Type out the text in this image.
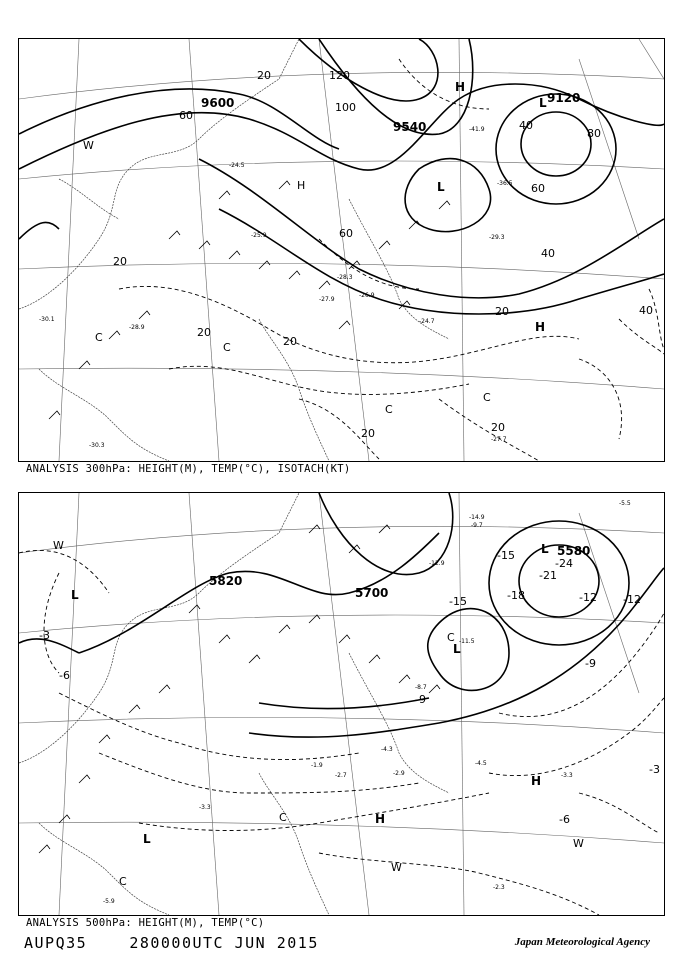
9600
9540
9120
20	120
100
60
40
80
60
40
20
20
20
20
40
60
20
20
-24.5
-25.9
-27.9
-30.1
-28.9
-36.5
-41.9
-27.7
-26.9
-24.7
-28.3
-29.3
-30.3
H
L
L
H
W
C
C
C
C
H
ANALYSIS 300hPa: HEIGHT(M), TEMP(°C), ISOTACH(KT)
5820
5700
5580
-3
-6
-9
-12
-15
-18
-21
-24
-15	-12
-9
-3
-6
-2.9
-4.3
-5.9
-3.3
-2.3
-4.5
-3.3
-1.9
-2.7
-8.7
-12.9
-14.9
-11.5
-9.7
-5.5
W
L
L
C
L
H
H
W
W
C
C
L
ANALYSIS 500hPa: HEIGHT(M), TEMP(°C)
AUPQ35	280000UTC JUN 2015	Japan Meteorological Agency
